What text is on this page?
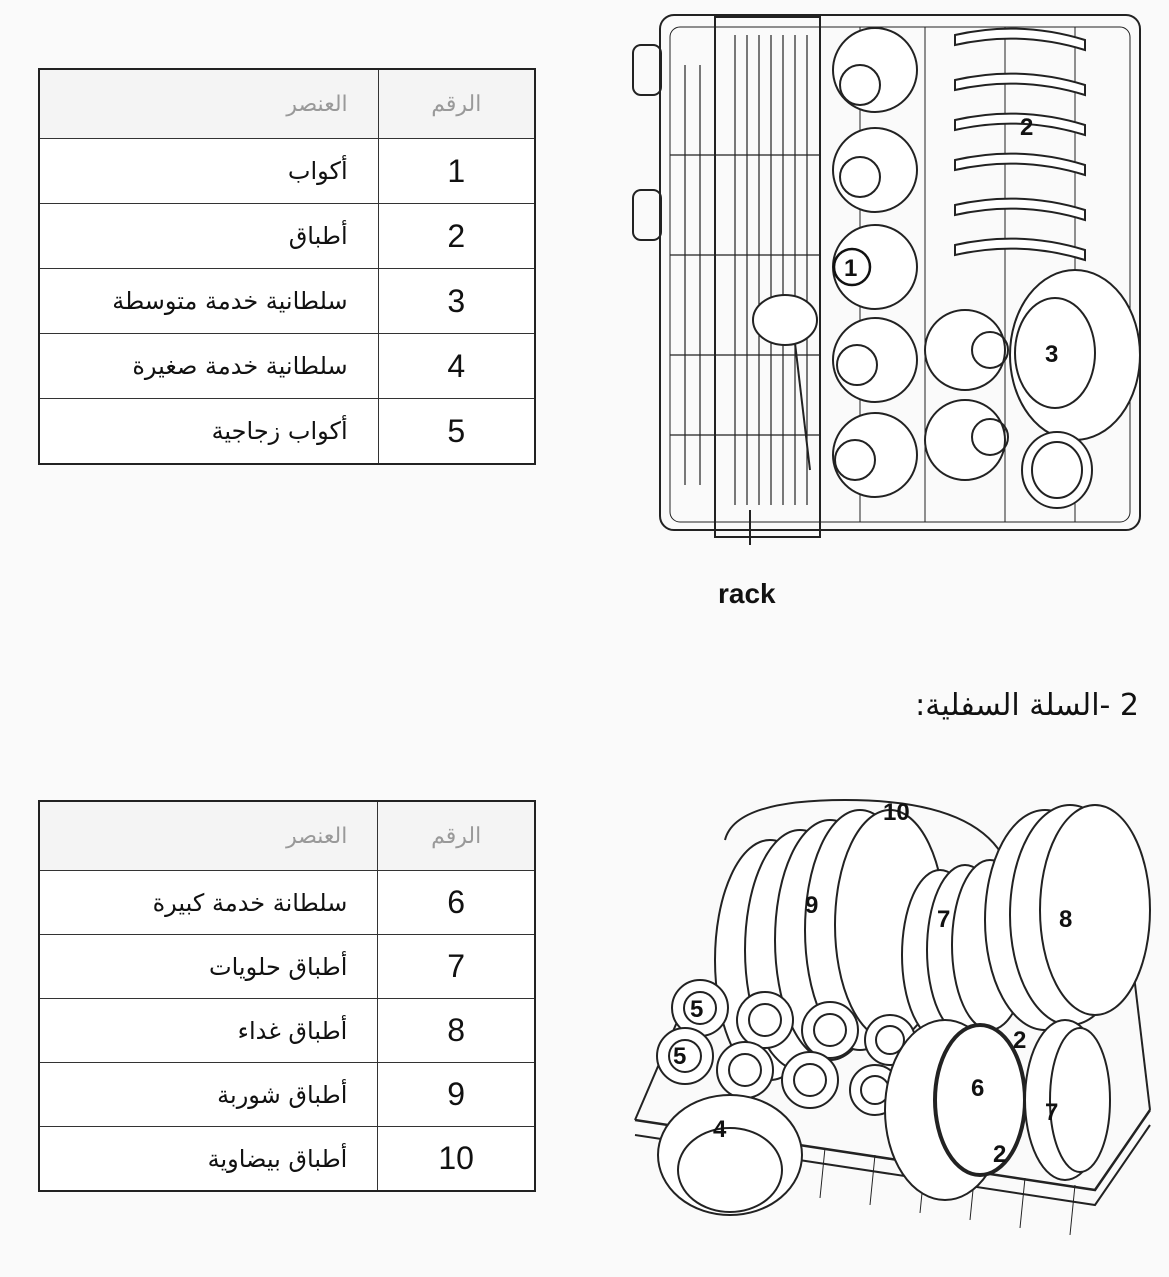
الرقم	العنصر
1	أكواب
2	أطباق
3	سلطانية خدمة متوسطة
4	سلطانية خدمة صغيرة
5	أكواب زجاجية
1
2
3
rack
2 -السلة السفلية:
الرقم	العنصر
6	سلطانة خدمة كبيرة
7	أطباق حلويات
8	أطباق غداء
9	أطباق شوربة
10	أطباق بيضاوية
10
9
7	8
5
5
4
6
2
2
7
